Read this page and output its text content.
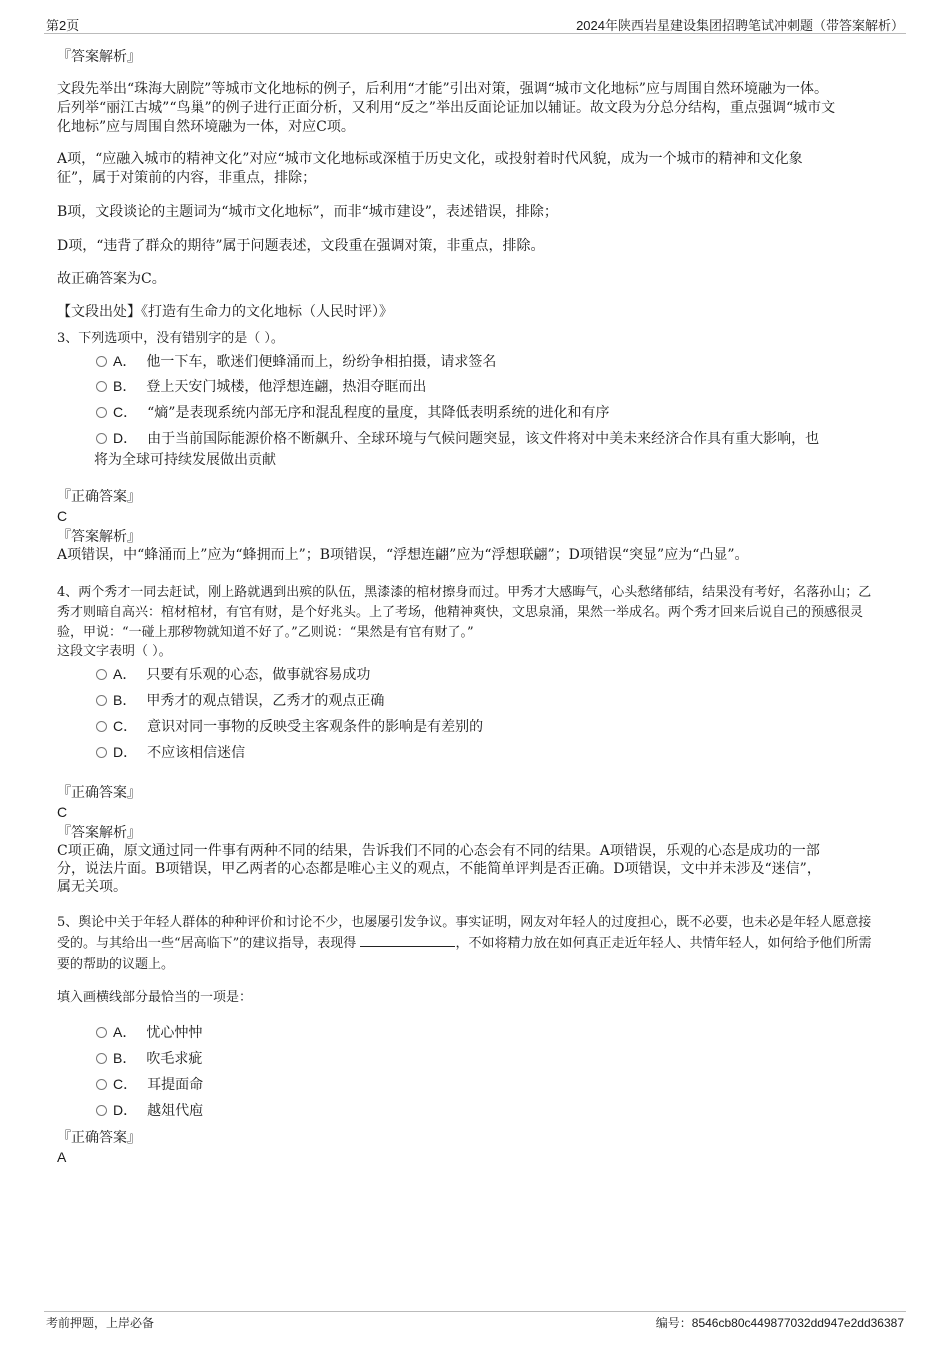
第2页	2024年陕西岩星建设集团招聘笔试冲刺题（带答案解析）
『答案解析』
文段先举出“珠海大剧院”等城市文化地标的例子，后利用“才能”引出对策，强调“城市文化地标”应与周围自然环境融为一体。
后列举“丽江古城”“鸟巢”的例子进行正面分析，又利用“反之”举出反面论证加以辅证。故文段为分总分结构，重点强调“城市文
化地标”应与周围自然环境融为一体，对应C项。
A项，“应融入城市的精神文化”对应“城市文化地标或深植于历史文化，或投射着时代风貌，成为一个城市的精神和文化象
征”，属于对策前的内容，非重点，排除；
B项，文段谈论的主题词为“城市文化地标”，而非“城市建设”，表述错误，排除；
D项，“违背了群众的期待”属于问题表述，文段重在强调对策，非重点，排除。
故正确答案为C。
【文段出处】《打造有生命力的文化地标（人民时评）》
3、下列选项中，没有错别字的是（ ）。
A． 他一下车，歌迷们便蜂涌而上，纷纷争相拍摄，请求签名
B． 登上天安门城楼，他浮想连翩，热泪夺眶而出
C． “熵”是表现系统内部无序和混乱程度的量度，其降低表明系统的进化和有序
D． 由于当前国际能源价格不断飙升、全球环境与气候问题突显，该文件将对中美未来经济合作具有重大影响，也
将为全球可持续发展做出贡献
『正确答案』
C
『答案解析』
A项错误，中“蜂涌而上”应为“蜂拥而上”；B项错误，“浮想连翩”应为“浮想联翩”；D项错误“突显”应为“凸显”。
4、两个秀才一同去赶试，刚上路就遇到出殡的队伍，黑漆漆的棺材擦身而过。甲秀才大感晦气，心头愁绪郁结，结果没有考好，名落孙山；乙
秀才则暗自高兴：棺材棺材，有官有财，是个好兆头。上了考场，他精神爽快，文思泉涌，果然一举成名。两个秀才回来后说自己的预感很灵
验，甲说：“一碰上那秽物就知道不好了。”乙则说：“果然是有官有财了。”
这段文字表明（ ）。
A． 只要有乐观的心态，做事就容易成功
B． 甲秀才的观点错误，乙秀才的观点正确
C． 意识对同一事物的反映受主客观条件的影响是有差别的
D． 不应该相信迷信
『正确答案』
C
『答案解析』
C项正确，原文通过同一件事有两种不同的结果，告诉我们不同的心态会有不同的结果。A项错误，乐观的心态是成功的一部
分，说法片面。B项错误，甲乙两者的心态都是唯心主义的观点，不能简单评判是否正确。D项错误，文中并未涉及“迷信”，
属无关项。
5、舆论中关于年轻人群体的种种评价和讨论不少，也屡屡引发争议。事实证明，网友对年轻人的过度担心，既不必要，也未必是年轻人愿意接
受的。与其给出一些“居高临下”的建议指导，表现得	，不如将精力放在如何真正走近年轻人、共情年轻人，如何给予他们所需
要的帮助的议题上。
填入画横线部分最恰当的一项是：
A． 忧心忡忡
B． 吹毛求疵
C． 耳提面命
D． 越俎代庖
『正确答案』
A
考前押题，上岸必备	编号：8546cb80c449877032dd947e2dd36387
